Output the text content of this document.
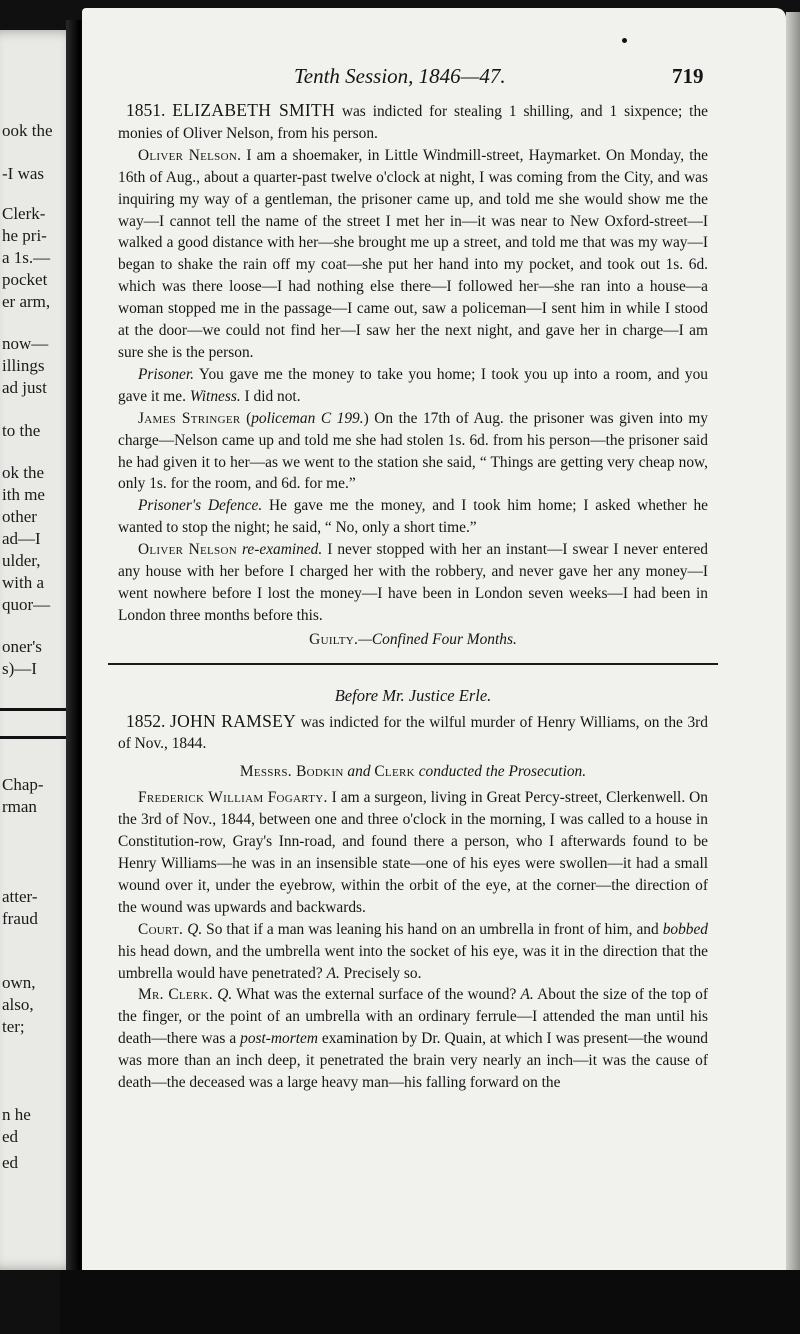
ook the
-I was
Clerk-
he pri-
a 1s.—
pocket
er arm,
now—
illings
ad just
to the
ok the
ith me
other
ad—I
ulder,
with a
quor—
oner's
s)—I
Chap-
rman
atter-
fraud
own,
also,
ter;
n he
ed
ed
Tenth Session, 1846—47.	719

1851. ELIZABETH SMITH was indicted for stealing 1 shilling, and 1 sixpence; the monies of Oliver Nelson, from his person.

Oliver Nelson. I am a shoemaker, in Little Windmill-street, Haymarket. On Monday, the 16th of Aug., about a quarter-past twelve o'clock at night, I was coming from the City, and was inquiring my way of a gentleman, the prisoner came up, and told me she would show me the way—I cannot tell the name of the street I met her in—it was near to New Oxford-street—I walked a good distance with her—she brought me up a street, and told me that was my way—I began to shake the rain off my coat—she put her hand into my pocket, and took out 1s. 6d. which was there loose—I had nothing else there—I followed her—she ran into a house—a woman stopped me in the passage—I came out, saw a policeman—I sent him in while I stood at the door—we could not find her—I saw her the next night, and gave her in charge—I am sure she is the person.

Prisoner. You gave me the money to take you home; I took you up into a room, and you gave it me. Witness. I did not.

James Stringer (policeman C 199.) On the 17th of Aug. the prisoner was given into my charge—Nelson came up and told me she had stolen 1s. 6d. from his person—the prisoner said he had given it to her—as we went to the station she said, “ Things are getting very cheap now, only 1s. for the room, and 6d. for me.”

Prisoner's Defence. He gave me the money, and I took him home; I asked whether he wanted to stop the night; he said, “ No, only a short time.”

Oliver Nelson re-examined. I never stopped with her an instant—I swear I never entered any house with her before I charged her with the robbery, and never gave her any money—I went nowhere before I lost the money—I have been in London seven weeks—I had been in London three months before this.

Guilty.—Confined Four Months.

Before Mr. Justice Erle.

1852. JOHN RAMSEY was indicted for the wilful murder of Henry Williams, on the 3rd of Nov., 1844.

Messrs. Bodkin and Clerk conducted the Prosecution.

Frederick William Fogarty. I am a surgeon, living in Great Percy-street, Clerkenwell. On the 3rd of Nov., 1844, between one and three o'clock in the morning, I was called to a house in Constitution-row, Gray's Inn-road, and found there a person, who I afterwards found to be Henry Williams—he was in an insensible state—one of his eyes were swollen—it had a small wound over it, under the eyebrow, within the orbit of the eye, at the corner—the direction of the wound was upwards and backwards.

Court. Q. So that if a man was leaning his hand on an umbrella in front of him, and bobbed his head down, and the umbrella went into the socket of his eye, was it in the direction that the umbrella would have penetrated? A. Precisely so.

Mr. Clerk. Q. What was the external surface of the wound? A. About the size of the top of the finger, or the point of an umbrella with an ordinary ferrule—I attended the man until his death—there was a post-mortem examination by Dr. Quain, at which I was present—the wound was more than an inch deep, it penetrated the brain very nearly an inch—it was the cause of death—the deceased was a large heavy man—his falling forward on the
